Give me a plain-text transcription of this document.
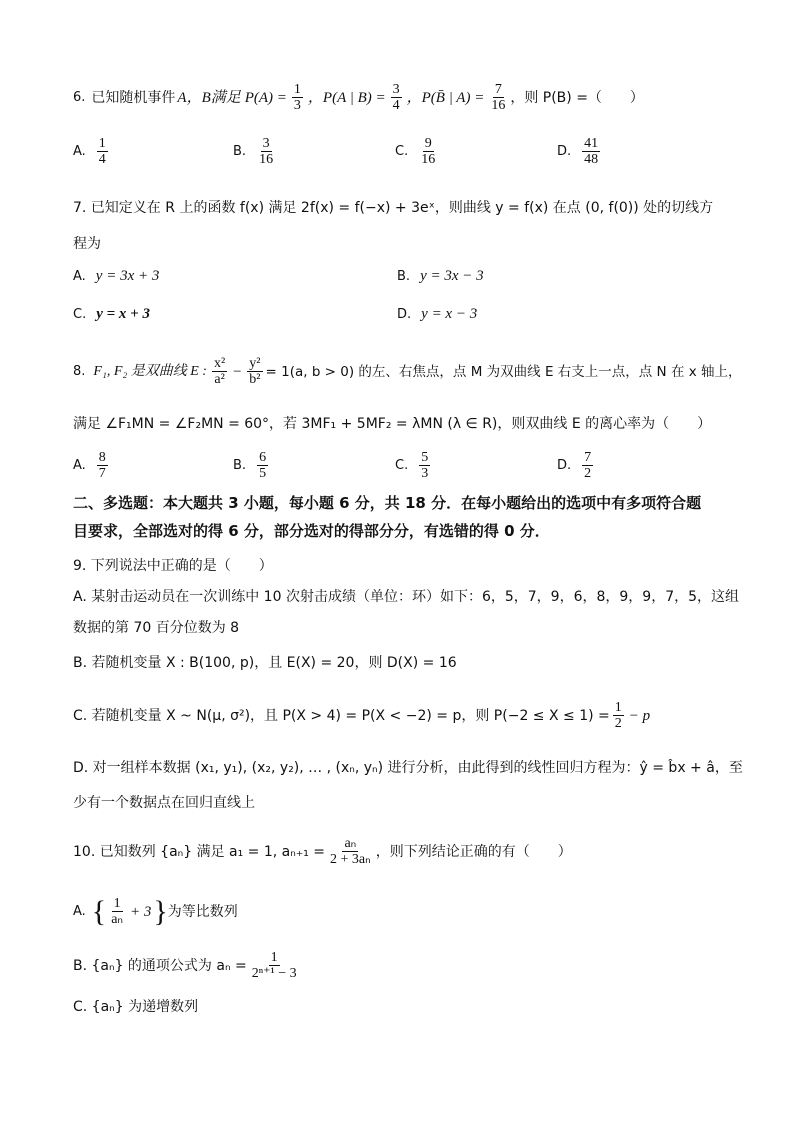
6. 已知随机事件 A，B满足 $P(A) = \frac{1}{3}$ ，P(A | $B) = \frac{3}{4}$ ，P(B̄ | $A) = \frac{7}{16}$ ，则 P(B) =（　　）
A. $\frac{1}{4}$	B. $\frac{3}{16}$	C. $\frac{9}{16}$	D. $\frac{41}{48}$
7. 已知定义在 R 上的函数 f(x) 满足 2f(x) = f(−x) + 3eˣ，则曲线 y = f(x) 在点 (0, f(0)) 处的切线方
程为
A. y = 3x + 3	B. y = 3x − 3
C. y = x + 3	D. y = x − 3
8. F₁, F₂ 是双曲线 E : $\frac{\text{x²}}{\text{a²}} - \frac{\text{y²}}{\text{b²}} = 1(a$, b > 0) 的左、右焦点，点 M 为双曲线 E 右支上一点，点 N 在 x 轴上，
满足 ∠F₁MN = ∠F₂MN = 60°，若 3MF₁ + 5MF₂ = λMN (λ ∈ R)，则双曲线 E 的离心率为（　　）
A. $\frac{8}{7}$	B. $\frac{6}{5}$	C. $\frac{5}{3}$	D. $\frac{7}{2}$
二、多选题：本大题共 3 小题，每小题 6 分，共 18 分．在每小题给出的选项中有多项符合题
目要求，全部选对的得 6 分，部分选对的得部分分，有选错的得 0 分．
9. 下列说法中正确的是（　　）
A. 某射击运动员在一次训练中 10 次射击成绩（单位：环）如下：6，5，7，9，6，8，9，9，7，5，这组
数据的第 70 百分位数为 8
B. 若随机变量 X : B(100, p)，且 E(X) = 20，则 D(X) = 16
C. 若随机变量 X ~ N(μ, σ²)，且 P(X > 4) = P(X < −2) = p，则 $P(-2 \le X \le 1) = \frac{1}{2} - p$
D. 对一组样本数据 (x₁, y₁), (x₂, y₂), … , (xₙ, yₙ) 进行分析，由此得到的线性回归方程为：ŷ = b̂x + â，至
少有一个数据点在回归直线上
10. 已知数列 {aₙ} 满足 a₁ = 1, $a_{n+1} = \frac{\text{aₙ}}{\text{2 + 3aₙ}}$ ，则下列结论正确的有（　　）
A. { $\frac{1}{\text{aₙ}} + 3$ } 为等比数列
B. {aₙ} 的通项公式为 $a_n = \frac{1}{\text{2ⁿ⁺¹ − 3}}$
C. {aₙ} 为递增数列
